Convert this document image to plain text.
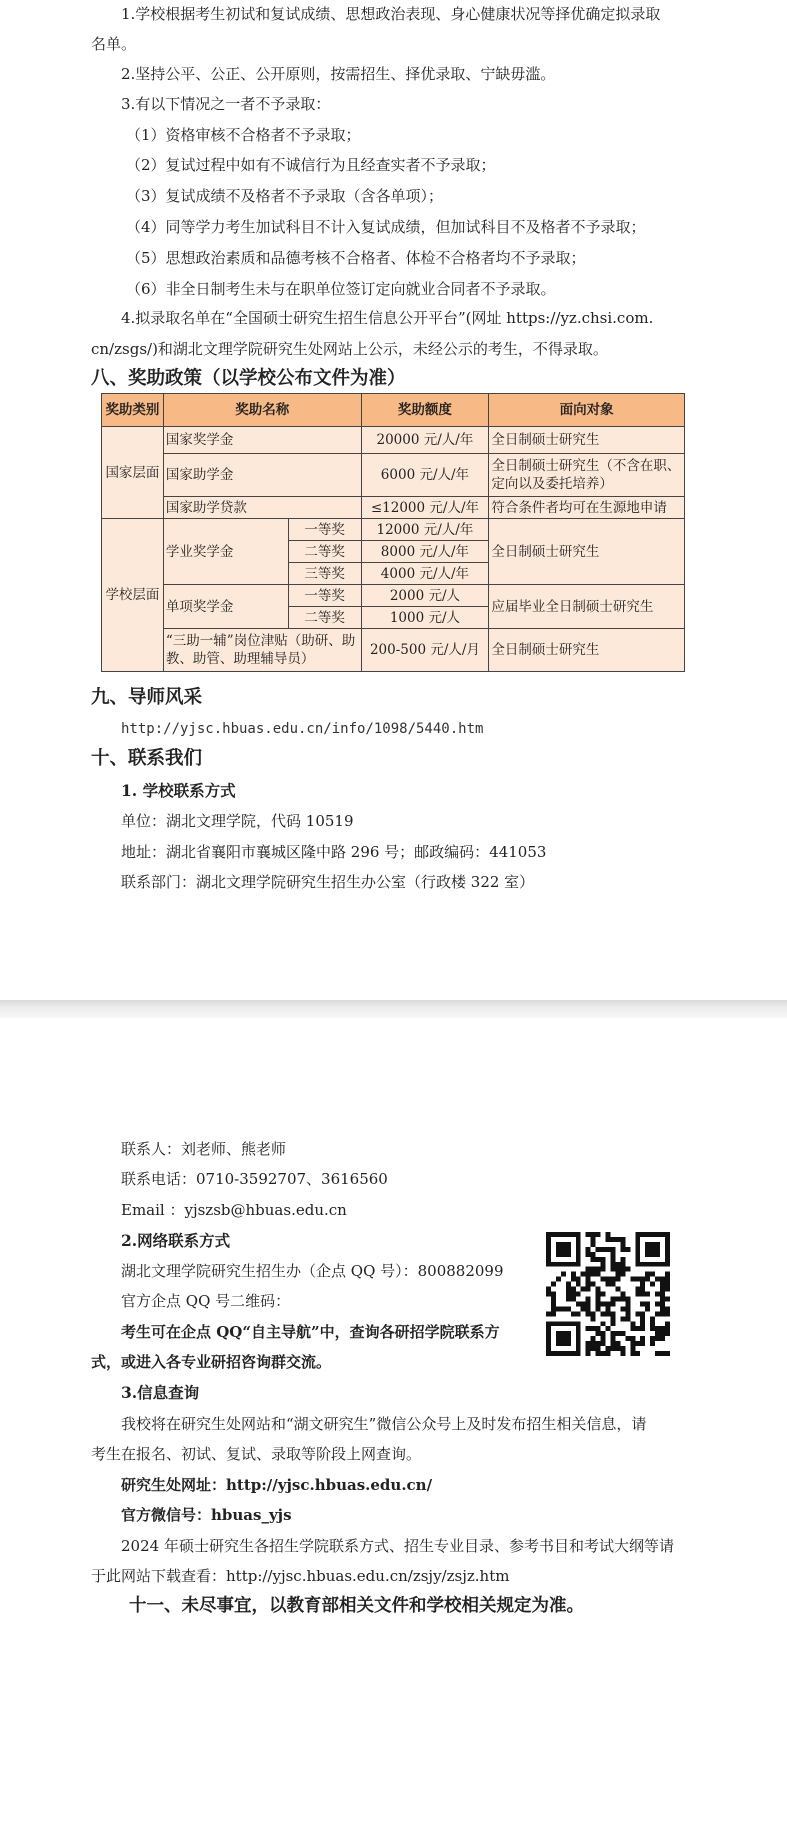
1.学校根据考生初试和复试成绩、思想政治表现、身心健康状况等择优确定拟录取
名单。
2.坚持公平、公正、公开原则，按需招生、择优录取、宁缺毋滥。
3.有以下情况之一者不予录取：
（1）资格审核不合格者不予录取；
（2）复试过程中如有不诚信行为且经查实者不予录取；
（3）复试成绩不及格者不予录取（含各单项）；
（4）同等学力考生加试科目不计入复试成绩，但加试科目不及格者不予录取；
（5）思想政治素质和品德考核不合格者、体检不合格者均不予录取；
（6）非全日制考生未与在职单位签订定向就业合同者不予录取。
4.拟录取名单在“全国硕士研究生招生信息公开平台”(网址 https://yz.chsi.com.
cn/zsgs/)和湖北文理学院研究生处网站上公示，未经公示的考生，不得录取。
八、奖助政策（以学校公布文件为准）
奖助类别	奖助名称		奖助额度	面向对象
国家层面	国家奖学金		20000 元/人/年	全日制硕士研究生
	国家助学金		6000 元/人/年	全日制硕士研究生（不含在职、定向以及委托培养）
	国家助学贷款		≤12000 元/人/年	符合条件者均可在生源地申请
学校层面	学业奖学金	一等奖	12000 元/人/年	全日制硕士研究生
		二等奖	8000 元/人/年	
		三等奖	4000 元/人/年	
	单项奖学金	一等奖	2000 元/人	应届毕业全日制硕士研究生
		二等奖	1000 元/人	
	“三助一辅”岗位津贴（助研、助教、助管、助理辅导员）		200-500 元/人/月	全日制硕士研究生
九、导师风采
http://yjsc.hbuas.edu.cn/info/1098/5440.htm
十、联系我们
1. 学校联系方式
单位：湖北文理学院，代码 10519
地址：湖北省襄阳市襄城区隆中路 296 号；邮政编码：441053
联系部门：湖北文理学院研究生招生办公室（行政楼 322 室）
联系人：刘老师、熊老师
联系电话：0710-3592707、3616560
Email ：yjszsb@hbuas.edu.cn
2.网络联系方式
湖北文理学院研究生招生办（企点 QQ 号）：800882099
官方企点 QQ 号二维码：
考生可在企点 QQ“自主导航”中，查询各研招学院联系方
式，或进入各专业研招咨询群交流。
3.信息查询
我校将在研究生处网站和“湖文研究生”微信公众号上及时发布招生相关信息，请
考生在报名、初试、复试、录取等阶段上网查询。
研究生处网址：http://yjsc.hbuas.edu.cn/
官方微信号：hbuas_yjs
2024 年硕士研究生各招生学院联系方式、招生专业目录、参考书目和考试大纲等请
于此网站下载查看：http://yjsc.hbuas.edu.cn/zsjy/zsjz.htm
十一、未尽事宜，以教育部相关文件和学校相关规定为准。
